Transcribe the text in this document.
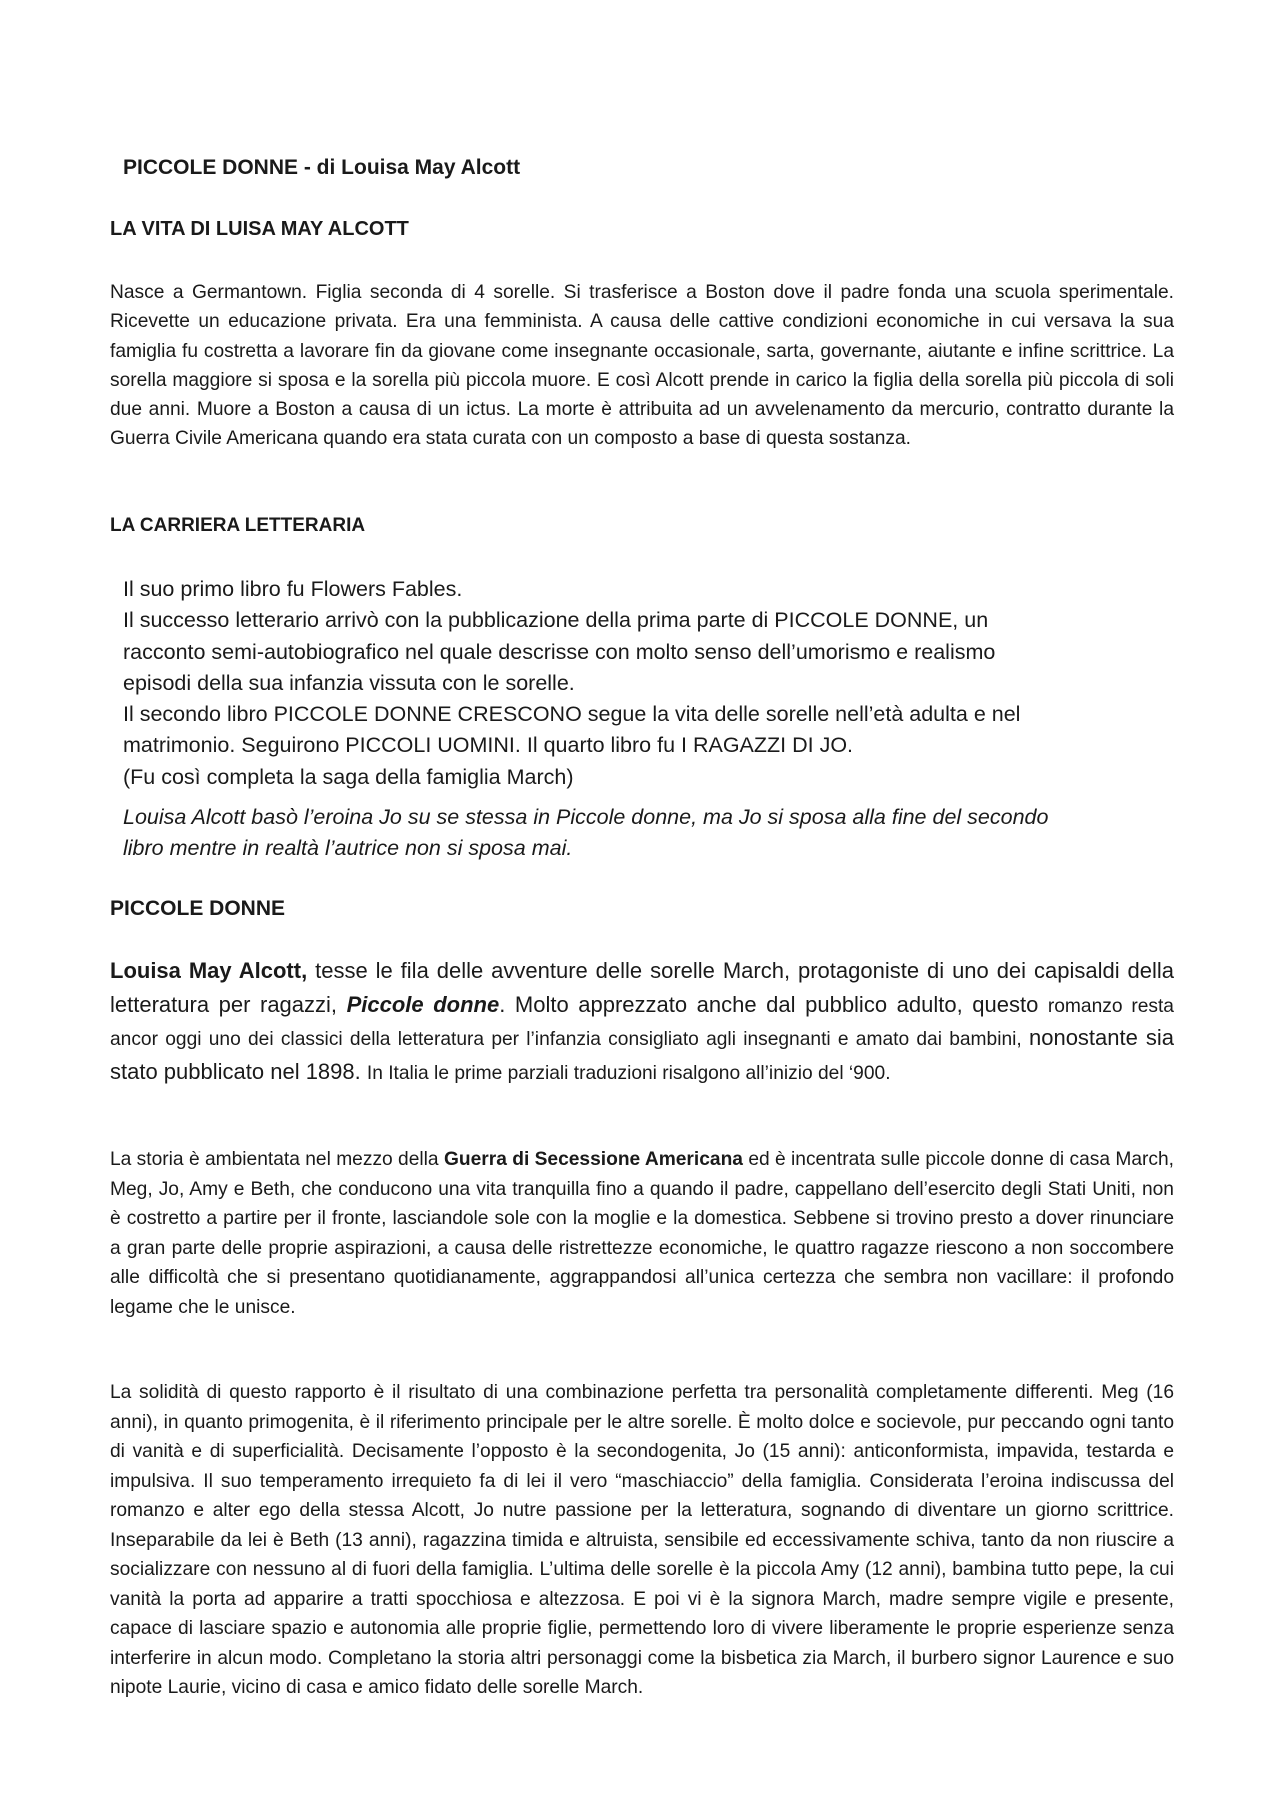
PICCOLE DONNE - di Louisa May Alcott
LA VITA DI LUISA MAY ALCOTT

Nasce a Germantown. Figlia seconda di 4 sorelle. Si trasferisce a Boston dove il padre fonda una scuola sperimentale. Ricevette un educazione privata. Era una femminista. A causa delle cattive condizioni economiche in cui versava la sua famiglia fu costretta a lavorare fin da giovane come insegnante occasionale, sarta, governante, aiutante e infine scrittrice. La sorella maggiore si sposa e la sorella più piccola muore. E così Alcott prende in carico la figlia della sorella più piccola di soli due anni. Muore a Boston a causa di un ictus. La morte è attribuita ad un avvelenamento da mercurio, contratto durante la Guerra Civile Americana quando era stata curata con un composto a base di questa sostanza.

LA CARRIERA LETTERARIA
Il suo primo libro fu Flowers Fables.
Il successo letterario arrivò con la pubblicazione della prima parte di PICCOLE DONNE, un
racconto semi-autobiografico nel quale descrisse con molto senso dell’umorismo e realismo
episodi della sua infanzia vissuta con le sorelle.
Il secondo libro PICCOLE DONNE CRESCONO segue la vita delle sorelle nell’età adulta e nel
matrimonio. Seguirono PICCOLI UOMINI. Il quarto libro fu I RAGAZZI DI JO.
(Fu così completa la saga della famiglia March)
Louisa Alcott basò l’eroina Jo su se stessa in Piccole donne, ma Jo si sposa alla fine del secondo
libro mentre in realtà l’autrice non si sposa mai.
PICCOLE DONNE

Louisa May Alcott, tesse le fila delle avventure delle sorelle March, protagoniste di uno dei capisaldi della letteratura per ragazzi, Piccole donne. Molto apprezzato anche dal pubblico adulto, questo romanzo resta ancor oggi uno dei classici della letteratura per l’infanzia consigliato agli insegnanti e amato dai bambini, nonostante sia stato pubblicato nel 1898. In Italia le prime parziali traduzioni risalgono all’inizio del ‘900.

La storia è ambientata nel mezzo della Guerra di Secessione Americana ed è incentrata sulle piccole donne di casa March, Meg, Jo, Amy e Beth, che conducono una vita tranquilla fino a quando il padre, cappellano dell’esercito degli Stati Uniti, non è costretto a partire per il fronte, lasciandole sole con la moglie e la domestica. Sebbene si trovino presto a dover rinunciare a gran parte delle proprie aspirazioni, a causa delle ristrettezze economiche, le quattro ragazze riescono a non soccombere alle difficoltà che si presentano quotidianamente, aggrappandosi all’unica certezza che sembra non vacillare: il profondo legame che le unisce.

La solidità di questo rapporto è il risultato di una combinazione perfetta tra personalità completamente differenti. Meg (16 anni), in quanto primogenita, è il riferimento principale per le altre sorelle. È molto dolce e socievole, pur peccando ogni tanto di vanità e di superficialità. Decisamente l’opposto è la secondogenita, Jo (15 anni): anticonformista, impavida, testarda e impulsiva. Il suo temperamento irrequieto fa di lei il vero “maschiaccio” della famiglia. Considerata l’eroina indiscussa del romanzo e alter ego della stessa Alcott, Jo nutre passione per la letteratura, sognando di diventare un giorno scrittrice. Inseparabile da lei è Beth (13 anni), ragazzina timida e altruista, sensibile ed eccessivamente schiva, tanto da non riuscire a socializzare con nessuno al di fuori della famiglia. L’ultima delle sorelle è la piccola Amy (12 anni), bambina tutto pepe, la cui vanità la porta ad apparire a tratti spocchiosa e altezzosa. E poi vi è la signora March, madre sempre vigile e presente, capace di lasciare spazio e autonomia alle proprie figlie, permettendo loro di vivere liberamente le proprie esperienze senza interferire in alcun modo. Completano la storia altri personaggi come la bisbetica zia March, il burbero signor Laurence e suo nipote Laurie, vicino di casa e amico fidato delle sorelle March.
